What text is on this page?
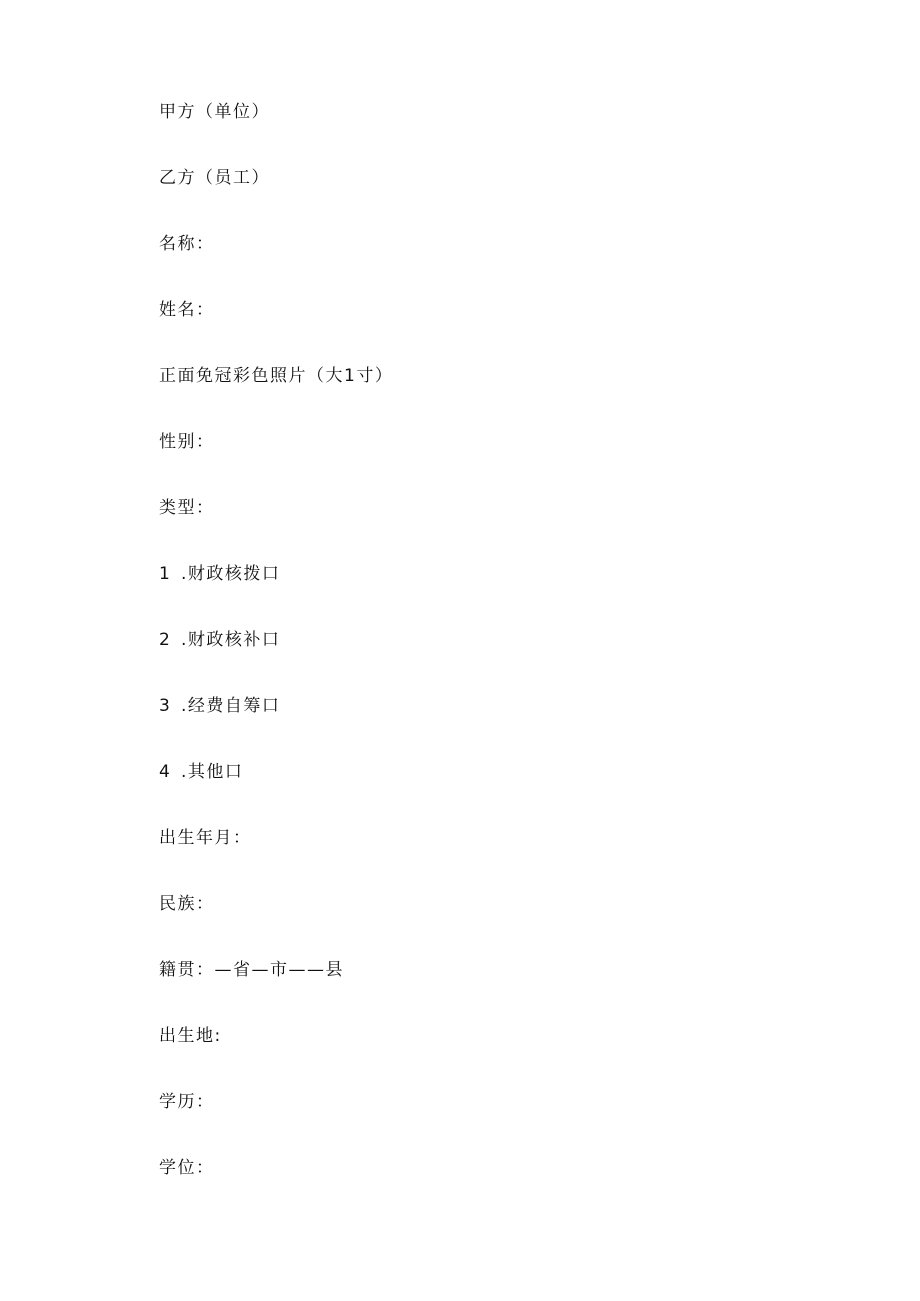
甲方（单位）
乙方（员工）
名称：
姓名：
正面免冠彩色照片（大1寸）
性别：
类型：
1 .财政核拨口
2 .财政核补口
3 .经费自筹口
4 .其他口
出生年月：
民族：
籍贯：—省—市——县
出生地:
学历：
学位：
